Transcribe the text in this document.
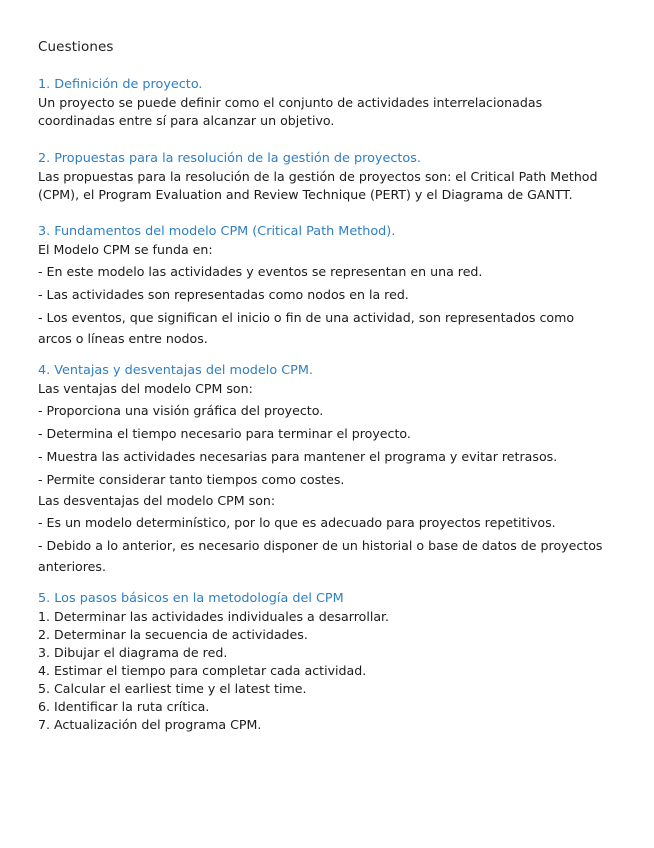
Cuestiones
1. Definición de proyecto.
Un proyecto se puede definir como el conjunto de actividades interrelacionadas
coordinadas entre sí para alcanzar un objetivo.
2. Propuestas para la resolución de la gestión de proyectos.
Las propuestas para la resolución de la gestión de proyectos son: el Critical Path Method
(CPM), el Program Evaluation and Review Technique (PERT) y el Diagrama de GANTT.
3. Fundamentos del modelo CPM (Critical Path Method).
El Modelo CPM se funda en:
- En este modelo las actividades y eventos se representan en una red.
- Las actividades son representadas como nodos en la red.
- Los eventos, que significan el inicio o fin de una actividad, son representados como
arcos o líneas entre nodos.
4. Ventajas y desventajas del modelo CPM.
Las ventajas del modelo CPM son:
- Proporciona una visión gráfica del proyecto.
- Determina el tiempo necesario para terminar el proyecto.
- Muestra las actividades necesarias para mantener el programa y evitar retrasos.
- Permite considerar tanto tiempos como costes.
Las desventajas del modelo CPM son:
- Es un modelo determinístico, por lo que es adecuado para proyectos repetitivos.
- Debido a lo anterior, es necesario disponer de un historial o base de datos de proyectos
anteriores.
5. Los pasos básicos en la metodología del CPM
1. Determinar las actividades individuales a desarrollar.
2. Determinar la secuencia de actividades.
3. Dibujar el diagrama de red.
4. Estimar el tiempo para completar cada actividad.
5. Calcular el earliest time y el latest time.
6. Identificar la ruta crítica.
7. Actualización del programa CPM.
